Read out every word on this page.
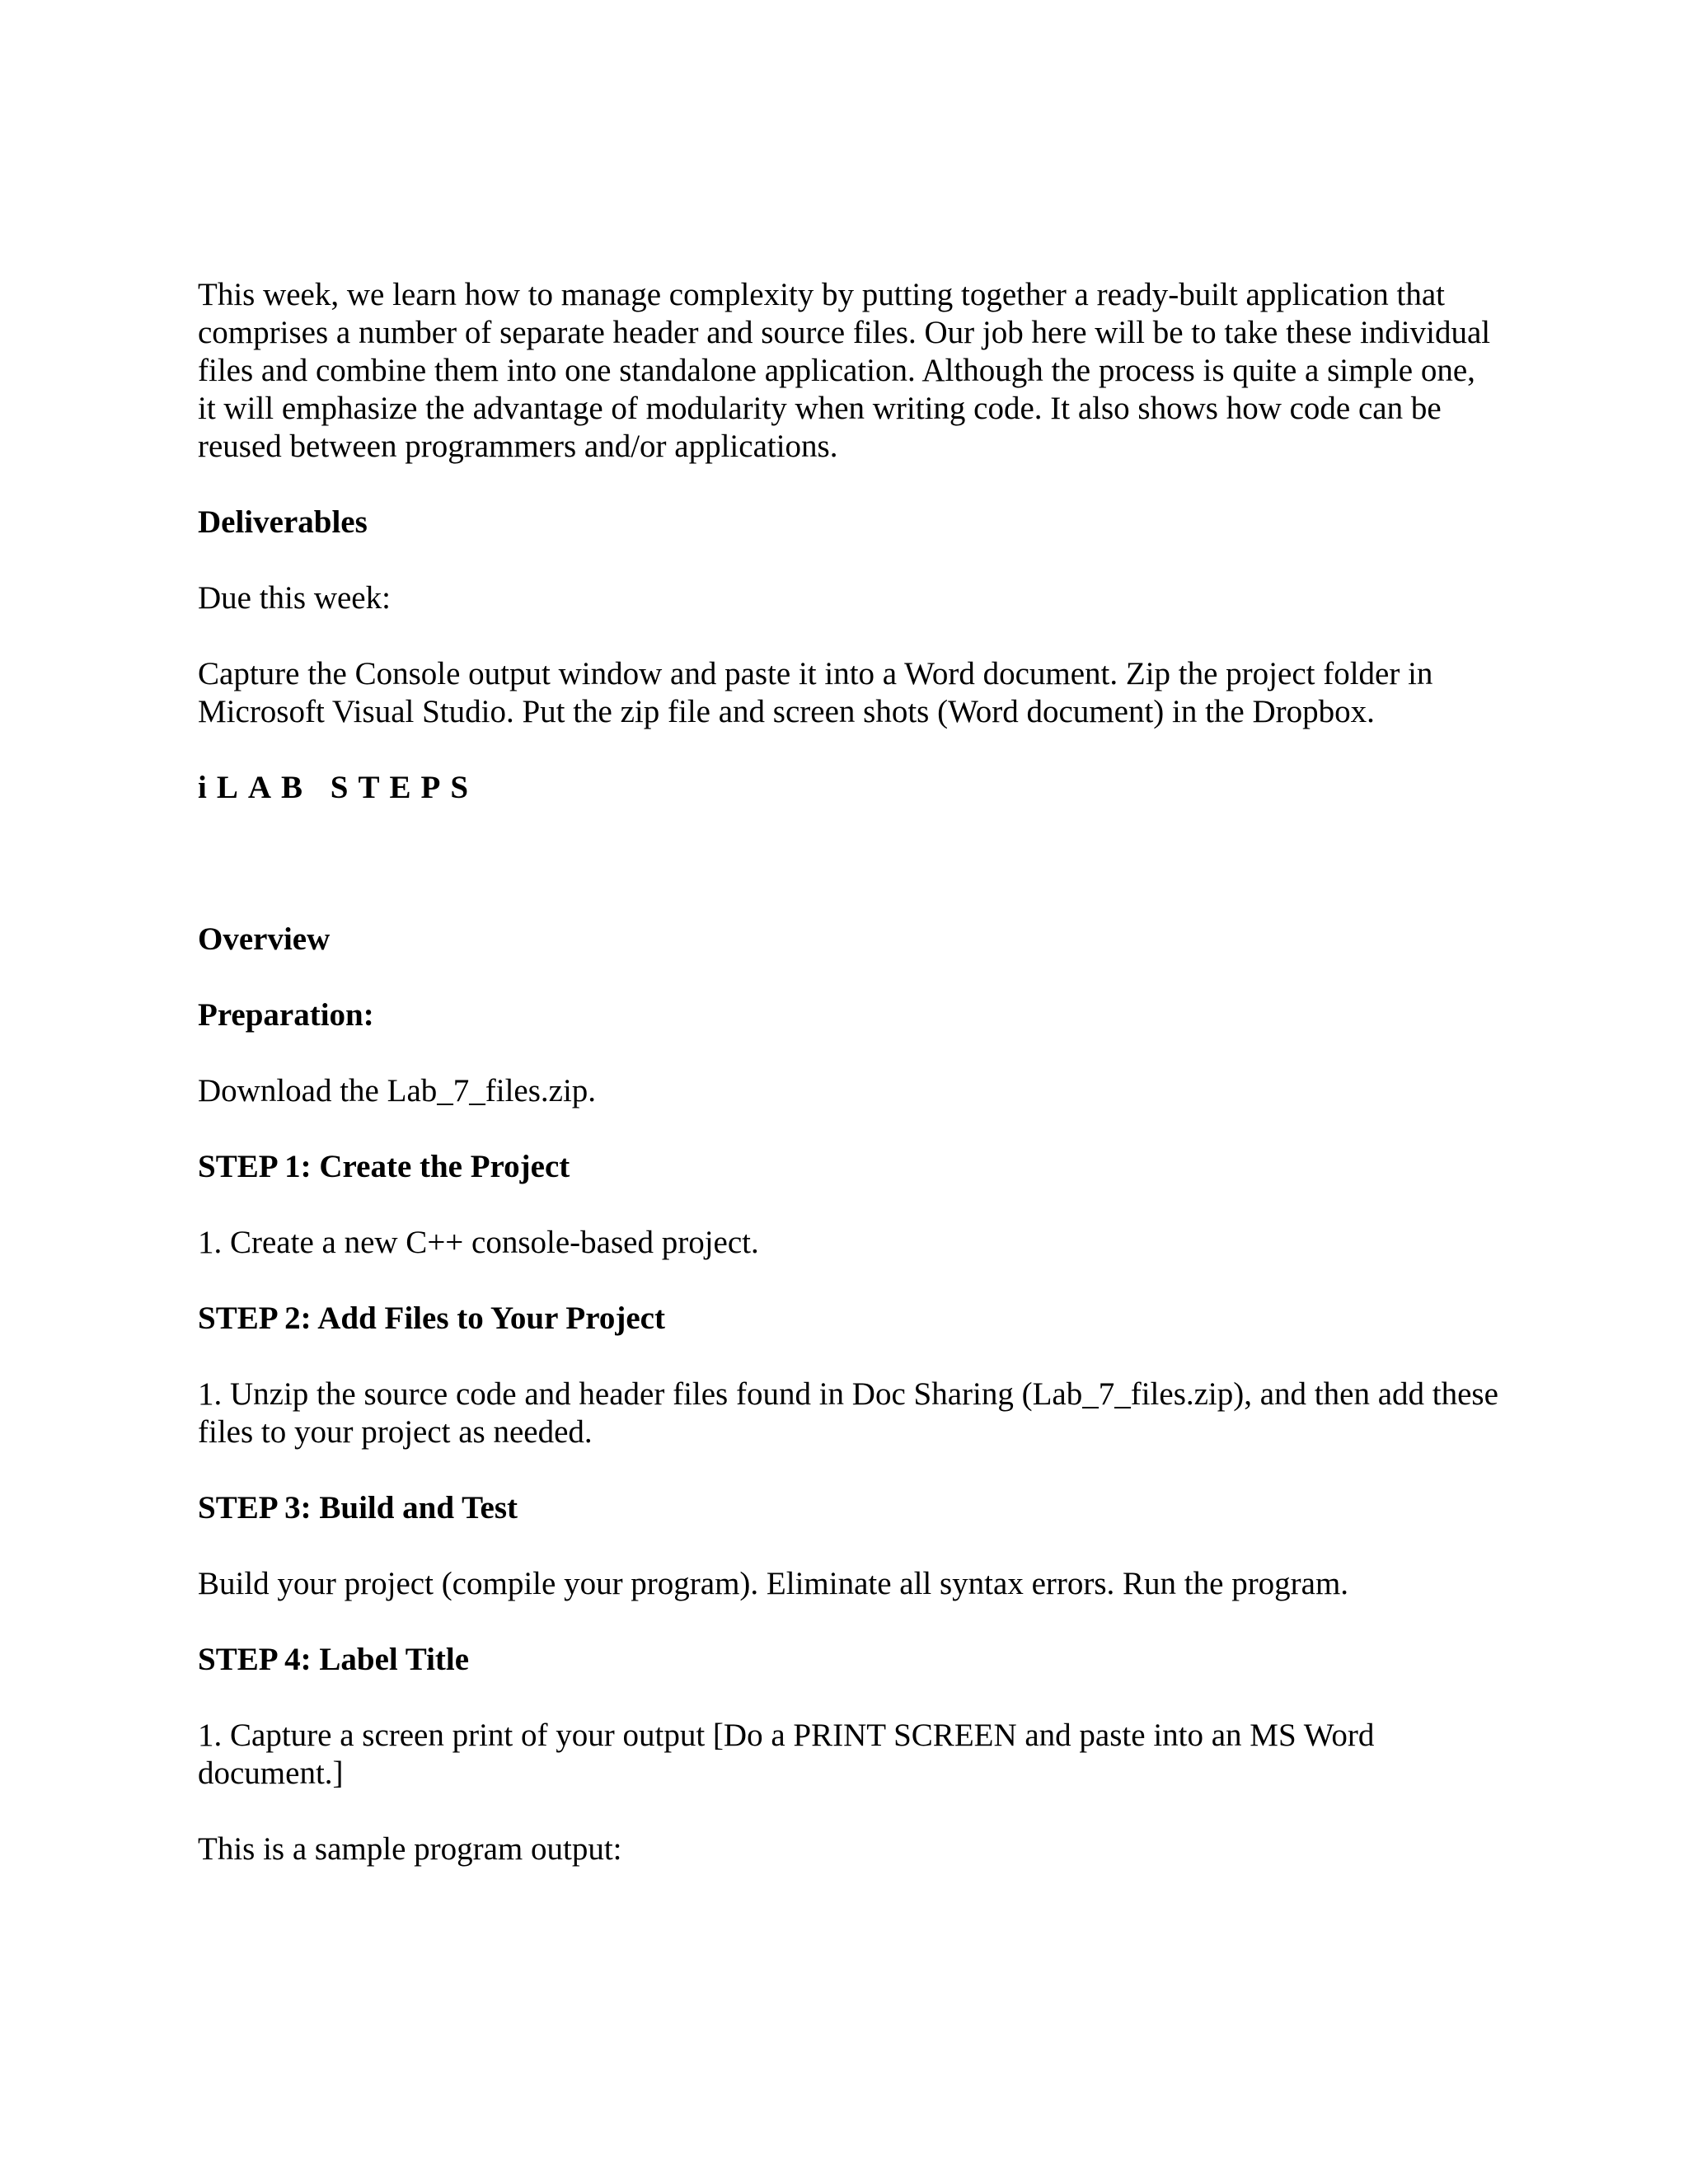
This week, we learn how to manage complexity by putting together a ready-built application that comprises a number of separate header and source files. Our job here will be to take these individual files and combine them into one standalone application. Although the process is quite a simple one, it will emphasize the advantage of modularity when writing code. It also shows how code can be reused between programmers and/or applications.

Deliverables

Due this week:

Capture the Console output window and paste it into a Word document. Zip the project folder in Microsoft Visual Studio. Put the zip file and screen shots (Word document) in the Dropbox.

iLAB STEPS

Overview

Preparation:

Download the Lab_7_files.zip.

STEP 1: Create the Project

1. Create a new C++ console-based project.

STEP 2: Add Files to Your Project

1. Unzip the source code and header files found in Doc Sharing (Lab_7_files.zip), and then add these files to your project as needed.

STEP 3: Build and Test

Build your project (compile your program). Eliminate all syntax errors. Run the program.

STEP 4: Label Title

1. Capture a screen print of your output [Do a PRINT SCREEN and paste into an MS Word document.]

This is a sample program output:
